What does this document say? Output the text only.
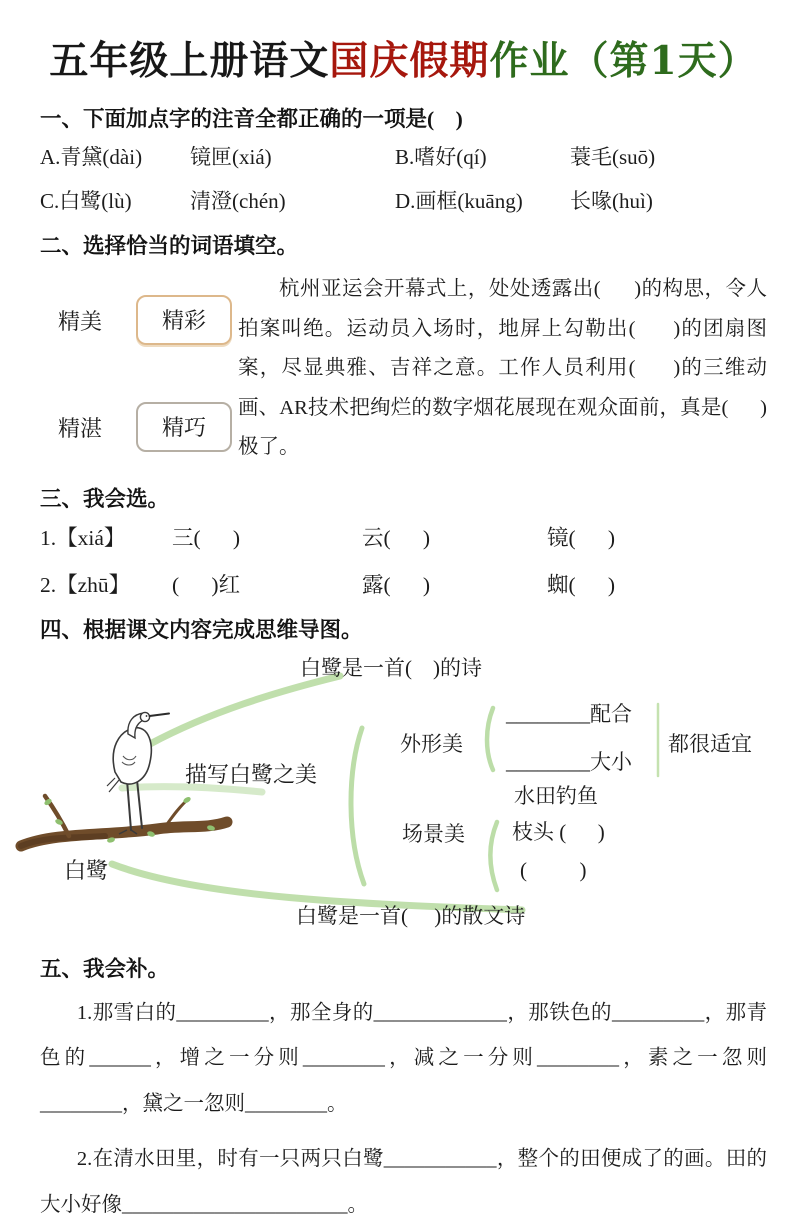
五年级上册语文国庆假期作业（第1天）
一、下面加点字的注音全都正确的一项是(    )
A.青黛(dài)	镜匣(xiá)	B.嗜好(qí)	蓑毛(suō)
C.白鹭(lù)	清澄(chén)	D.画框(kuāng)	长喙(huì)
二、选择恰当的词语填空。
精美	精彩
精湛	精巧

杭州亚运会开幕式上，处处透露出(      )的构思，令人拍案叫绝。运动员入场时，地屏上勾勒出(      )的团扇图案，尽显典雅、吉祥之意。工作人员利用(      )的三维动画、AR技术把绚烂的数字烟花展现在观众面前，真是(      )极了。

三、我会选。
1.【xiá】	三(      )	云(      )	镜(      )
2.【zhū】	(      )红	露(      )	蜘(      )
四、根据课文内容完成思维导图。
白鹭是一首(    )的诗
白鹭
描写白鹭之美
外形美
________配合
________大小
都很适宜
水田钓鱼
场景美 枝头 (      )
(          )
白鹭是一首(     )的散文诗
五、我会补。

1.那雪白的_________，那全身的_____________，那铁色的_________，那青色的______，增之一分则________，减之一分则________，素之一忽则________，黛之一忽则________。

2.在清水田里，时有一只两只白鹭___________，整个的田便成了的画。田的大小好像______________________。
